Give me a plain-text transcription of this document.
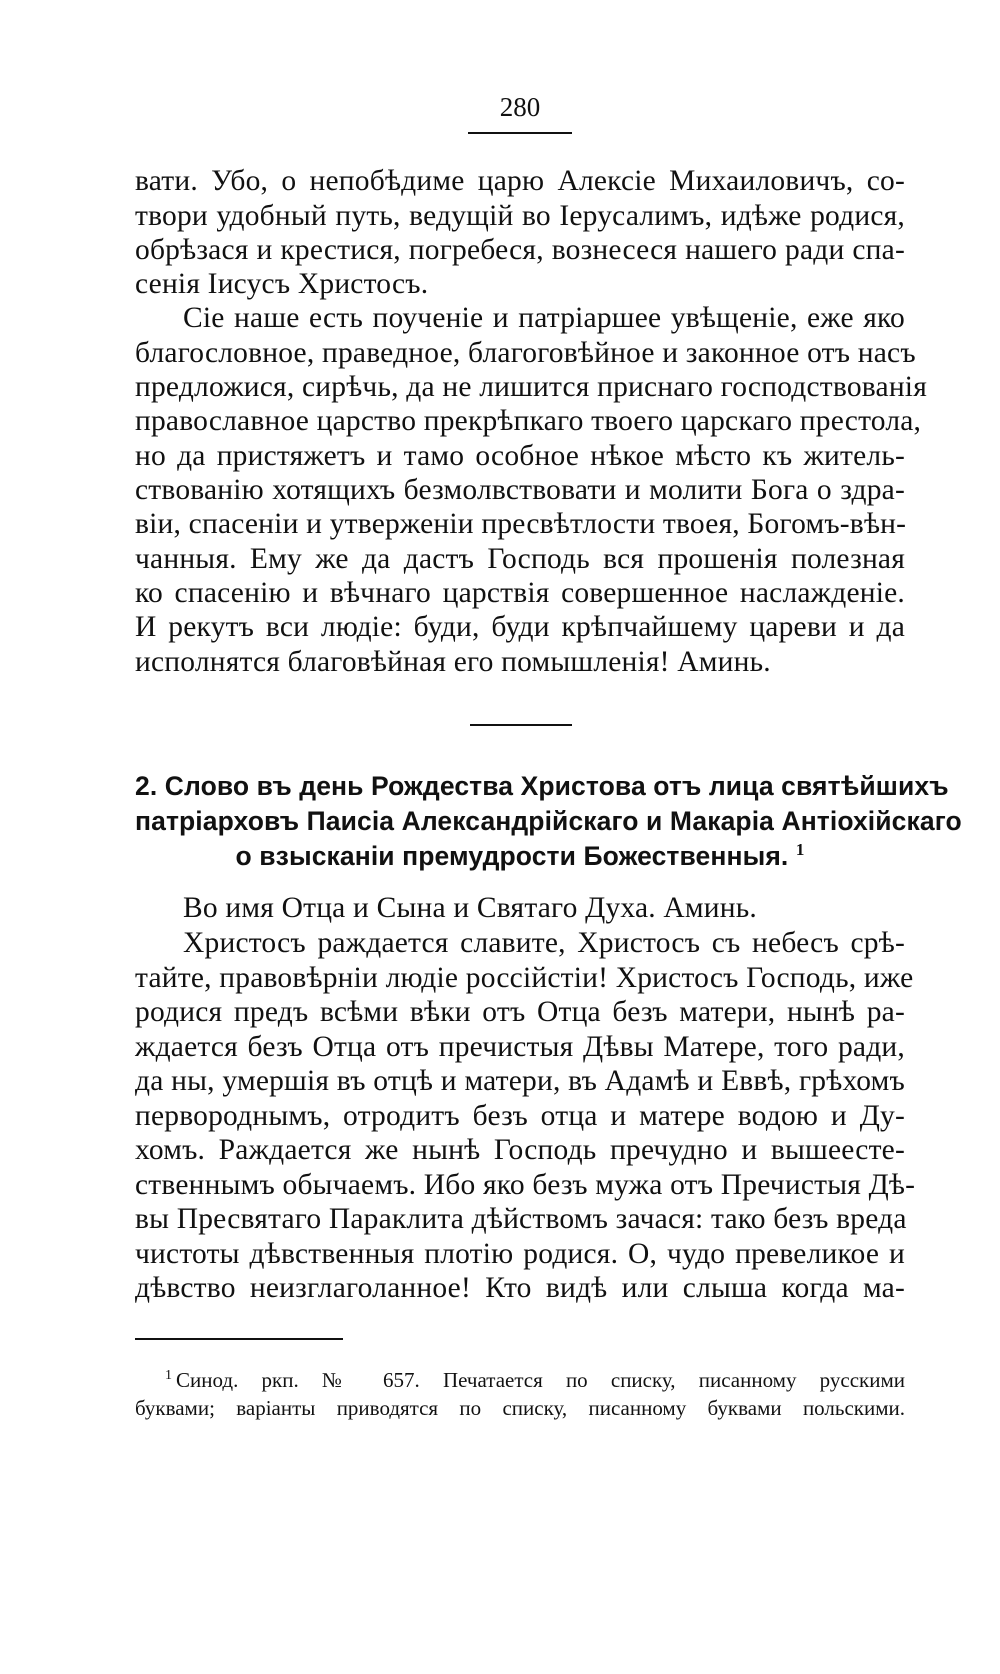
280
вати. Убо, о непобѣдиме царю Алексіе Михаиловичъ, со-
твори удобный путь, ведущій во Іерусалимъ, идѣже родися,
обрѣзася и крестися, погребеся, вознесеся нашего ради спа-
сенія Іисусъ Христосъ.
Сіе наше есть поученіе и патріаршее увѣщеніе, еже яко
благословное, праведное, благоговѣйное и законное отъ насъ
предложися, сирѣчь, да не лишится приснаго господствованія
православное царство прекрѣпкаго твоего царскаго престола,
но да пристяжетъ и тамо особное нѣкое мѣсто къ житель-
ствованію хотящихъ безмолвствовати и молити Бога о здра-
віи, спасеніи и утверженіи пресвѣтлости твоея, Богомъ-вѣн-
чанныя. Ему же да дастъ Господь вся прошенія полезная
ко спасенію и вѣчнаго царствія совершенное наслажденіе.
И рекутъ вси людіе: буди, буди крѣпчайшему цареви и да
исполнятся благовѣйная его помышленія! Аминь.
2. Слово въ день Рождества Христова отъ лица святѣйшихъ
патріарховъ Паисіа Александрійскаго и Макаріа Антіохійскаго
о взысканіи премудрости Божественныя. $^1$
Во имя Отца и Сына и Святаго Духа. Аминь.
Христосъ раждается славите, Христосъ съ небесъ срѣ-
тайте, правовѣрніи людіе россійстіи! Христосъ Господь, иже
родися предъ всѣми вѣки отъ Отца безъ матери, нынѣ ра-
ждается безъ Отца отъ пречистыя Дѣвы Матере, того ради,
да ны, умершія въ отцѣ и матери, въ Адамѣ и Еввѣ, грѣхомъ
первороднымъ, отродитъ безъ отца и матере водою и Ду-
хомъ. Раждается же нынѣ Господь пречудно и вышеесте-
ственнымъ обычаемъ. Ибо яко безъ мужа отъ Пречистыя Дѣ-
вы Пресвятаго Параклита дѣйствомъ зачася: тако безъ вреда
чистоты дѣвственныя плотію родися. О, чудо превеликое и
дѣвство неизглаголанное! Кто видѣ или слыша когда ма-
$^1$ Синод. ркп. № 657. Печатается по списку, писанному русскими
буквами; варіанты приводятся по списку, писанному буквами польскими.
